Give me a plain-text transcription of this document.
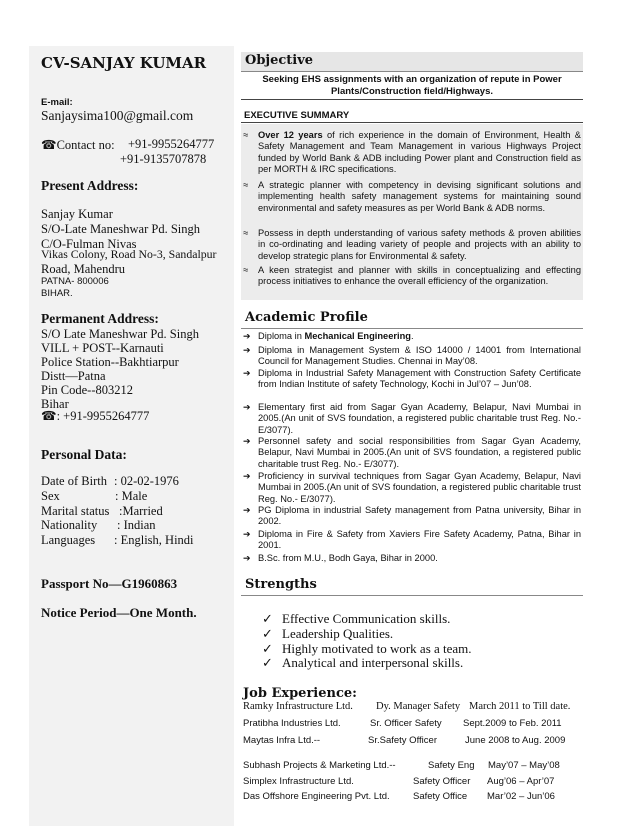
CV-SANJAY KUMAR
E-mail:
Sanjaysima100@gmail.com
☎Contact no: +91-9955264777
+91-9135707878
Present Address:
Sanjay Kumar
S/O-Late Maneshwar Pd. Singh
C/O-Fulman Nivas
Vikas Colony, Road No-3, Sandalpur
Road, Mahendru
PATNA- 800006
BIHAR.
Permanent Address:
S/O Late Maneshwar Pd. Singh
VILL + POST--Karnauti
Police Station--Bakhtiarpur
Distt—Patna
Pin Code--803212
Bihar
☎: +91-9955264777
Personal Data:
Date of Birth : 02-02-1976
Sex	: Male
Marital status :Married
Nationality : Indian
Languages : English, Hindi
Passport No—G1960863
Notice Period—One Month.
Objective
Seeking EHS assignments with an organization of repute in Power Plants/Construction field/Highways.
EXECUTIVE SUMMARY
≈	Over 12 years of rich experience in the domain of Environment, Health & Safety Management and Team Management in various Highways Project funded by World Bank & ADB including Power plant and Construction field as per MORTH & IRC specifications.
≈	A strategic planner with competency in devising significant solutions and implementing health safety management systems for maintaining sound environmental and safety measures as per World Bank & ADB norms.
≈	Possess in depth understanding of various safety methods & proven abilities in co-ordinating and leading variety of people and projects with an ability to develop strategic plans for Environmental & safety.
≈	A keen strategist and planner with skills in conceptualizing and effecting process initiatives to enhance the overall efficiency of the organization.
Academic Profile
➔ Diploma in Mechanical Engineering.
➔ Diploma in Management System & ISO 14000 / 14001 from International Council for Management Studies. Chennai in May’08.
➔ Diploma in Industrial Safety Management with Construction Safety Certificate from Indian Institute of safety Technology, Kochi in Jul’07 – Jun’08.
➔ Elementary first aid from Sagar Gyan Academy, Belapur, Navi Mumbai in 2005.(An unit of SVS foundation, a registered public charitable trust Reg. No.- E/3077).
➔ Personnel safety and social responsibilities from Sagar Gyan Academy, Belapur, Navi Mumbai in 2005.(An unit of SVS foundation, a registered public charitable trust Reg. No.- E/3077).
➔ Proficiency in survival techniques from Sagar Gyan Academy, Belapur, Navi Mumbai in 2005.(An unit of SVS foundation, a registered public charitable trust Reg. No.- E/3077).
➔ PG Diploma in industrial Safety management from Patna university, Bihar in 2002.
➔ Diploma in Fire & Safety from Xaviers Fire Safety Academy, Patna, Bihar in 2001.
➔ B.Sc. from M.U., Bodh Gaya, Bihar in 2000.
Strengths
✓ Effective Communication skills.
✓ Leadership Qualities.
✓ Highly motivated to work as a team.
✓ Analytical and interpersonal skills.
Job Experience:
Ramky Infrastructure Ltd. Dy. Manager Safety March 2011 to Till date.
Pratibha Industries Ltd.	Sr. Officer Safety Sept.2009 to Feb. 2011
Maytas Infra Ltd.--	Sr.Safety Officer	June 2008 to Aug. 2009
Subhash Projects & Marketing Ltd.--	Safety Eng May’07 – May’08
Simplex Infrastructure Ltd.	Safety Officer Aug’06 – Apr’07
Das Offshore Engineering Pvt. Ltd. Safety Office Mar’02 – Jun’06
